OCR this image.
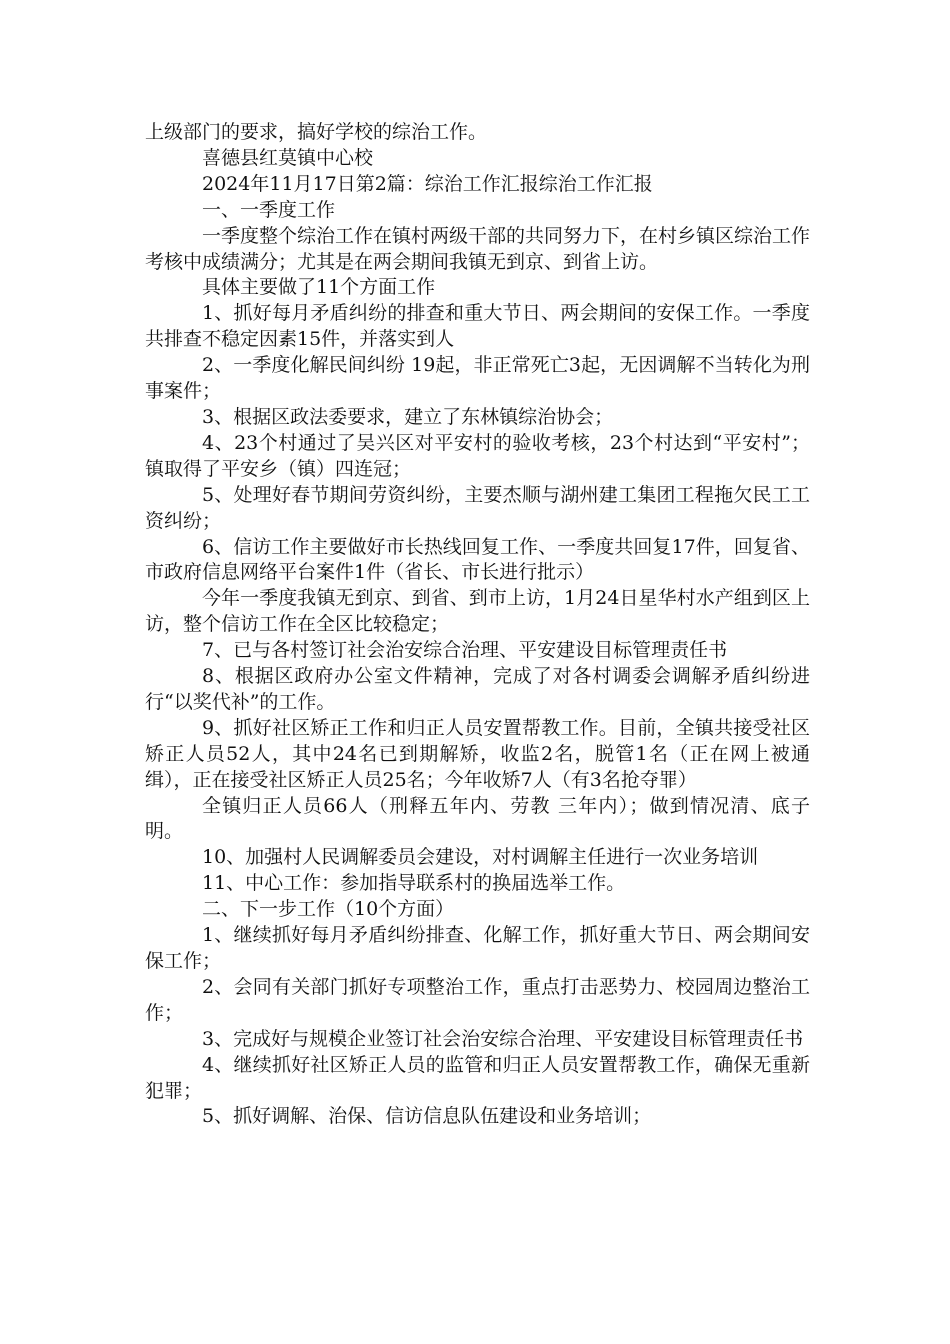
上级部门的要求，搞好学校的综治工作。

喜德县红莫镇中心校

2024年11月17日第2篇：综治工作汇报综治工作汇报

一、一季度工作

一季度整个综治工作在镇村两级干部的共同努力下，在村乡镇区综治工作考核中成绩满分；尤其是在两会期间我镇无到京、到省上访。

具体主要做了11个方面工作

1、抓好每月矛盾纠纷的排查和重大节日、两会期间的安保工作。一季度共排查不稳定因素15件，并落实到人

2、一季度化解民间纠纷 19起，非正常死亡3起，无因调解不当转化为刑事案件；

3、根据区政法委要求，建立了东林镇综治协会；

4、23个村通过了吴兴区对平安村的验收考核，23个村达到“平安村”；镇取得了平安乡（镇）四连冠；

5、处理好春节期间劳资纠纷，主要杰顺与湖州建工集团工程拖欠民工工资纠纷；

6、信访工作主要做好市长热线回复工作、一季度共回复17件，回复省、市政府信息网络平台案件1件（省长、市长进行批示）

今年一季度我镇无到京、到省、到市上访，1月24日星华村水产组到区上访，整个信访工作在全区比较稳定；

7、已与各村签订社会治安综合治理、平安建设目标管理责任书

8、根据区政府办公室文件精神，完成了对各村调委会调解矛盾纠纷进行“以奖代补”的工作。

9、抓好社区矫正工作和归正人员安置帮教工作。目前，全镇共接受社区矫正人员52人，其中24名已到期解矫，收监2名，脱管1名（正在网上被通缉），正在接受社区矫正人员25名；今年收矫7人（有3名抢夺罪）

全镇归正人员66人（刑释五年内、劳教 三年内）；做到情况清、底子明。

10、加强村人民调解委员会建设，对村调解主任进行一次业务培训

11、中心工作：参加指导联系村的换届选举工作。

二、下一步工作（10个方面）

1、继续抓好每月矛盾纠纷排查、化解工作，抓好重大节日、两会期间安保工作；

2、会同有关部门抓好专项整治工作，重点打击恶势力、校园周边整治工作；

3、完成好与规模企业签订社会治安综合治理、平安建设目标管理责任书

4、继续抓好社区矫正人员的监管和归正人员安置帮教工作，确保无重新犯罪；

5、抓好调解、治保、信访信息队伍建设和业务培训；
